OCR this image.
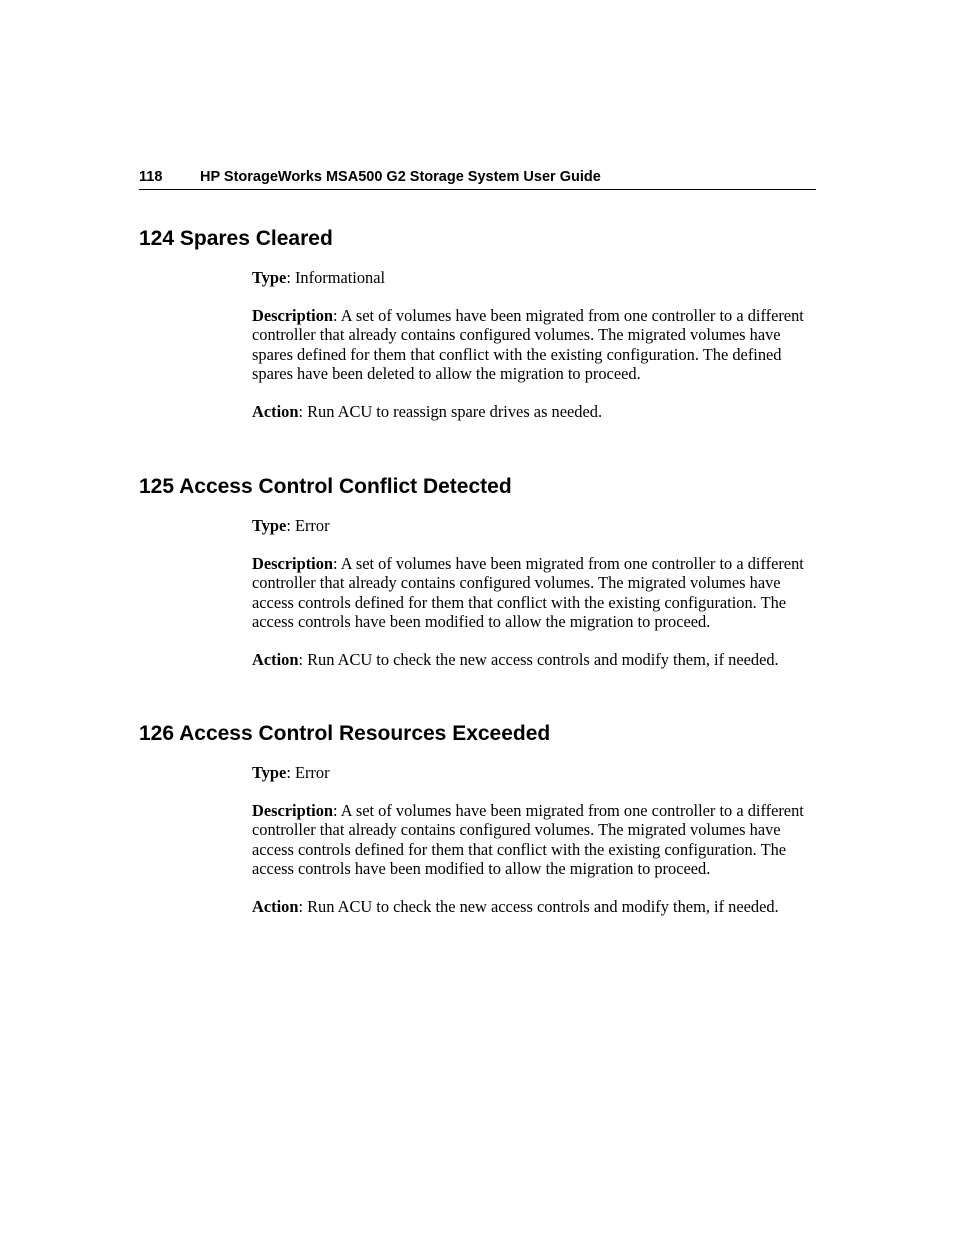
118	HP StorageWorks MSA500 G2 Storage System User Guide
124 Spares Cleared

Type: Informational

Description: A set of volumes have been migrated from one controller to a different controller that already contains configured volumes. The migrated volumes have spares defined for them that conflict with the existing configuration. The defined spares have been deleted to allow the migration to proceed.

Action: Run ACU to reassign spare drives as needed.

125 Access Control Conflict Detected

Type: Error

Description: A set of volumes have been migrated from one controller to a different controller that already contains configured volumes. The migrated volumes have access controls defined for them that conflict with the existing configuration. The access controls have been modified to allow the migration to proceed.

Action: Run ACU to check the new access controls and modify them, if needed.

126 Access Control Resources Exceeded

Type: Error

Description: A set of volumes have been migrated from one controller to a different controller that already contains configured volumes. The migrated volumes have access controls defined for them that conflict with the existing configuration. The access controls have been modified to allow the migration to proceed.

Action: Run ACU to check the new access controls and modify them, if needed.
